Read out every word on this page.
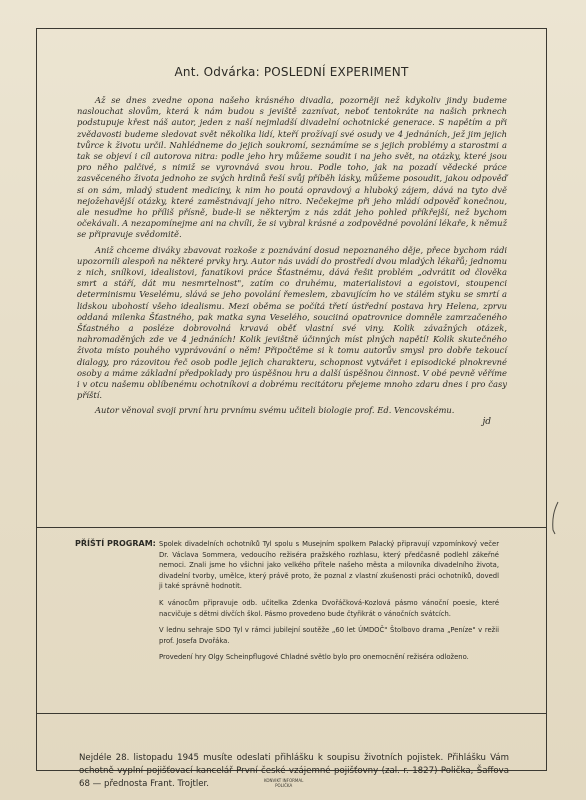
Ant. Odvárka: POSLEDNÍ EXPERIMENT

Až se dnes zvedne opona našeho krásného divadla, pozorněji než kdykoliv jindy budeme naslouchat slovům, která k nám budou s jeviště zaznívat, neboť tentokráte na našich prknech podstupuje křest náš autor, jeden z naší nejmladší divadelní ochotnické generace. S napětím a při zvědavosti budeme sledovat svět několika lidí, kteří prožívají své osudy ve 4 jednáních, jež jim jejich tvůrce k životu určil. Nahlédneme do jejich soukromí, seznámíme se s jejich problémy a starostmi a tak se objeví i cíl autorova nitra: podle jeho hry můžeme soudit i na jeho svět, na otázky, které jsou pro něho palčivé, s nimiž se vyrovnává svou hrou. Podle toho, jak na pozadí vědecké práce zasvěceného života jednoho ze svých hrdinů řeší svůj příběh lásky, můžeme posoudit, jakou odpověď si on sám, mladý student mediciny, k nim ho poutá opravdový a hluboký zájem, dává na tyto dvě nejožehavější otázky, které zaměstnávají jeho nitro. Nečekejme při jeho mládí odpověď konečnou, ale nesuďme ho příliš přísně, bude-li se některým z nás zdát jeho pohled příkřejší, než bychom očekávali. A nezapomínejme ani na chvíli, že si vybral krásné a zodpovědné povolání lékaře, k němuž se připravuje svědomitě.

Aniž chceme diváky zbavovat rozkoše z poznávání dosud nepoznaného děje, přece bychom rádi upozornili alespoň na některé prvky hry. Autor nás uvádí do prostředí dvou mladých lékařů; jednomu z nich, snílkovi, idealistovi, fanatikovi práce Šťastnému, dává řešit problém „odvrátit od člověka smrt a stáří, dát mu nesmrtelnost", zatím co druhému, materialistovi a egoistovi, stoupenci determinismu Veselému, slává se jeho povolání řemeslem, zbavujícím ho ve stálém styku se smrtí a lidskou ubohostí všeho idealismu. Mezi oběma se počítá třetí ústřední postava hry Helena, zprvu oddaná milenka Šťastného, pak matka syna Veselého, souciiná opatrovnice domněle zamrzačeného Šťastného a posléze dobrovolná krvavá oběť vlastní své viny. Kolik závažných otázek, nahromaděných zde ve 4 jednáních! Kolik jevištně účinných míst plných napětí! Kolik skutečného života místo pouhého vyprávování o něm! Připočtěme si k tomu autorův smysl pro dobře tekoucí dialogy, pro rázovitou řeč osob podle jejich charakteru, schopnost vytvářet i episodické plnokrevné osoby a máme základní předpoklady pro úspěšnou hru a další úspěšnou činnost. V obé pevně věříme i v otcu našemu oblíbenému ochotníkovi a dobrému recitátoru přejeme mnoho zdaru dnes i pro časy příští.

Autor věnoval svoji první hru prvnímu svému učiteli biologie prof. Ed. Vencovskému.

jd
PŘÍŠTÍ PROGRAM: Spolek divadelních ochotníků Tyl spolu s Musejním spolkem Palacký připravují vzpomínkový večer Dr. Václava Sommera, vedoucího režiséra pražského rozhlasu, který předčasně podlehl zákeřné nemoci. Znali jsme ho všichni jako velkého přítele našeho města a milovníka divadelního života, divadelní tvorby, umělce, který právě proto, že poznal z vlastní zkušenosti práci ochotníků, dovedl ji také správně hodnotit.

K vánocům připravuje odb. učitelka Zdenka Dvořáčková-Kozlová pásmo vánoční poesie, které nacvičuje s dětmi dívčích škol. Pásmo provedeno bude čtyřikrát o vánočních svátcích.

V lednu sehraje SDO Tyl v rámci jubilejní soutěže „60 let ÚMDOČ" Štolbovo drama „Peníze" v režii prof. Josefa Dvořáka.

Provedení hry Olgy Scheinpflugové Chladné světlo bylo pro onemocnění režiséra odloženo.

Nejdéle 28. listopadu 1945 musíte odeslati přihlášku k soupisu životních pojistek. Přihlášku Vám ochotně vyplní pojišťovací kancelář První české vzájemné pojišťovny (zal. r. 1827) Polička, Šaffova 68 — přednosta Frant. Trojtler.	KONVIKT INFORMAL
POLIČKA
